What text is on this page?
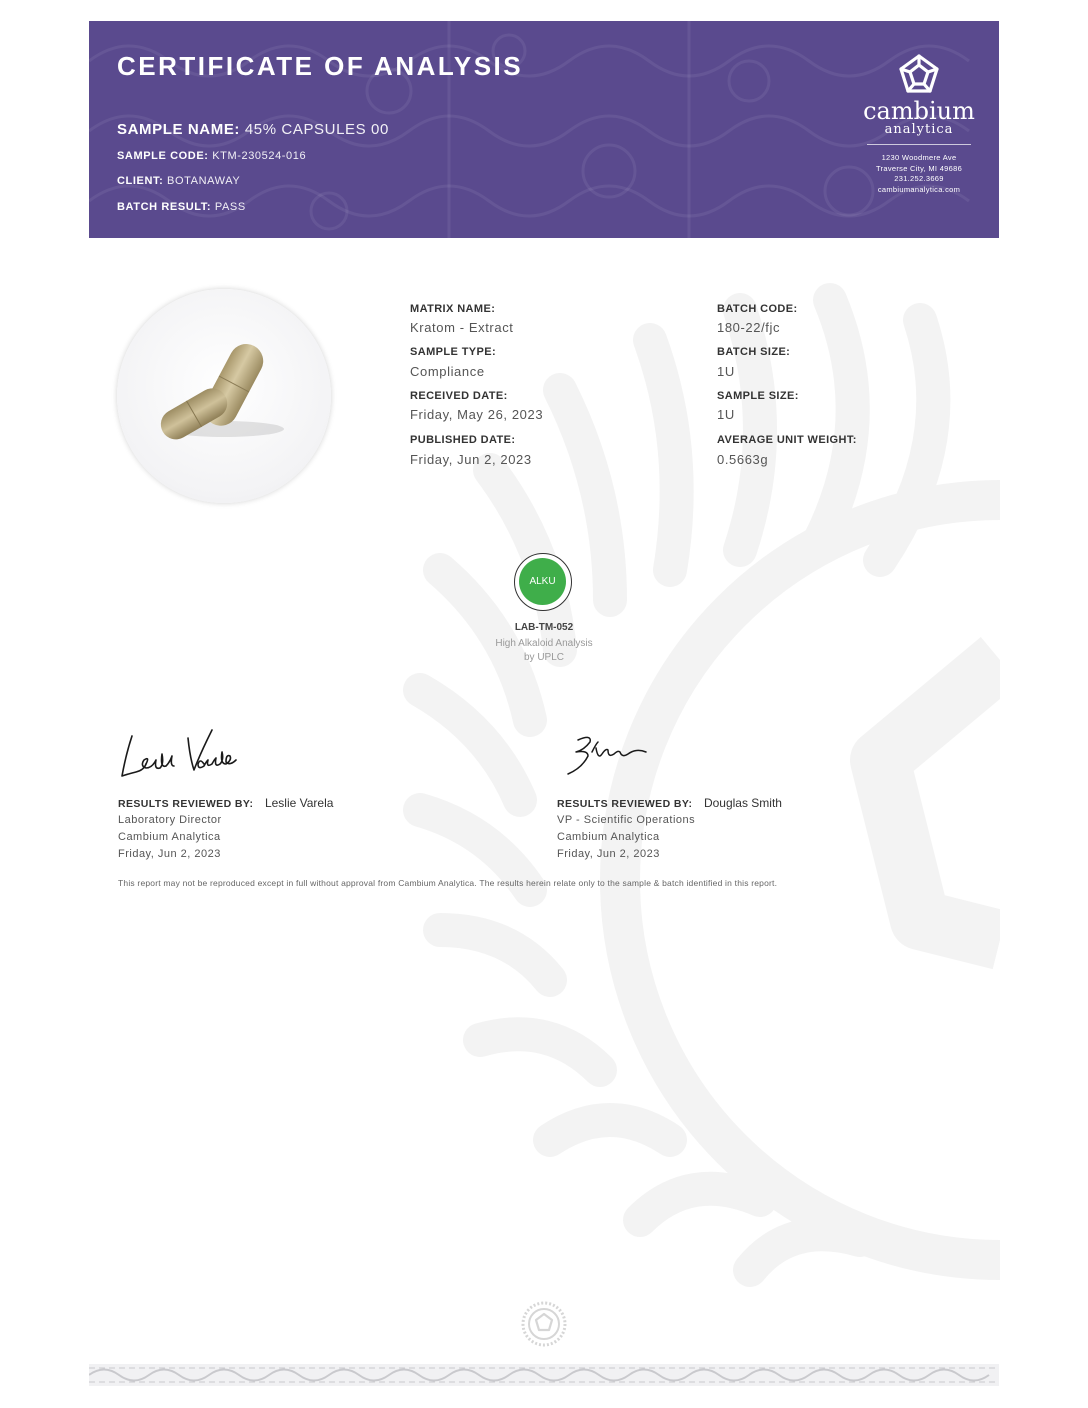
CERTIFICATE OF ANALYSIS
SAMPLE NAME: 45% CAPSULES 00
SAMPLE CODE: KTM-230524-016
CLIENT: BOTANAWAY
BATCH RESULT: PASS
cambium
analytica
1230 Woodmere Ave
Traverse City, MI 49686
231.252.3669
cambiumanalytica.com
MATRIX NAME:
Kratom - Extract
SAMPLE TYPE:
Compliance
RECEIVED DATE:
Friday, May 26, 2023
PUBLISHED DATE:
Friday, Jun 2, 2023
BATCH CODE:
180-22/fjc
BATCH SIZE:
1U
SAMPLE SIZE:
1U
AVERAGE UNIT WEIGHT:
0.5663g
ALKU
LAB-TM-052
High Alkaloid Analysis
by UPLC
RESULTS REVIEWED BY: Leslie Varela
Laboratory Director
Cambium Analytica
Friday, Jun 2, 2023
RESULTS REVIEWED BY: Douglas Smith
VP - Scientific Operations
Cambium Analytica
Friday, Jun 2, 2023
This report may not be reproduced except in full without approval from Cambium Analytica. The results herein relate only to the sample & batch identified in this report.
